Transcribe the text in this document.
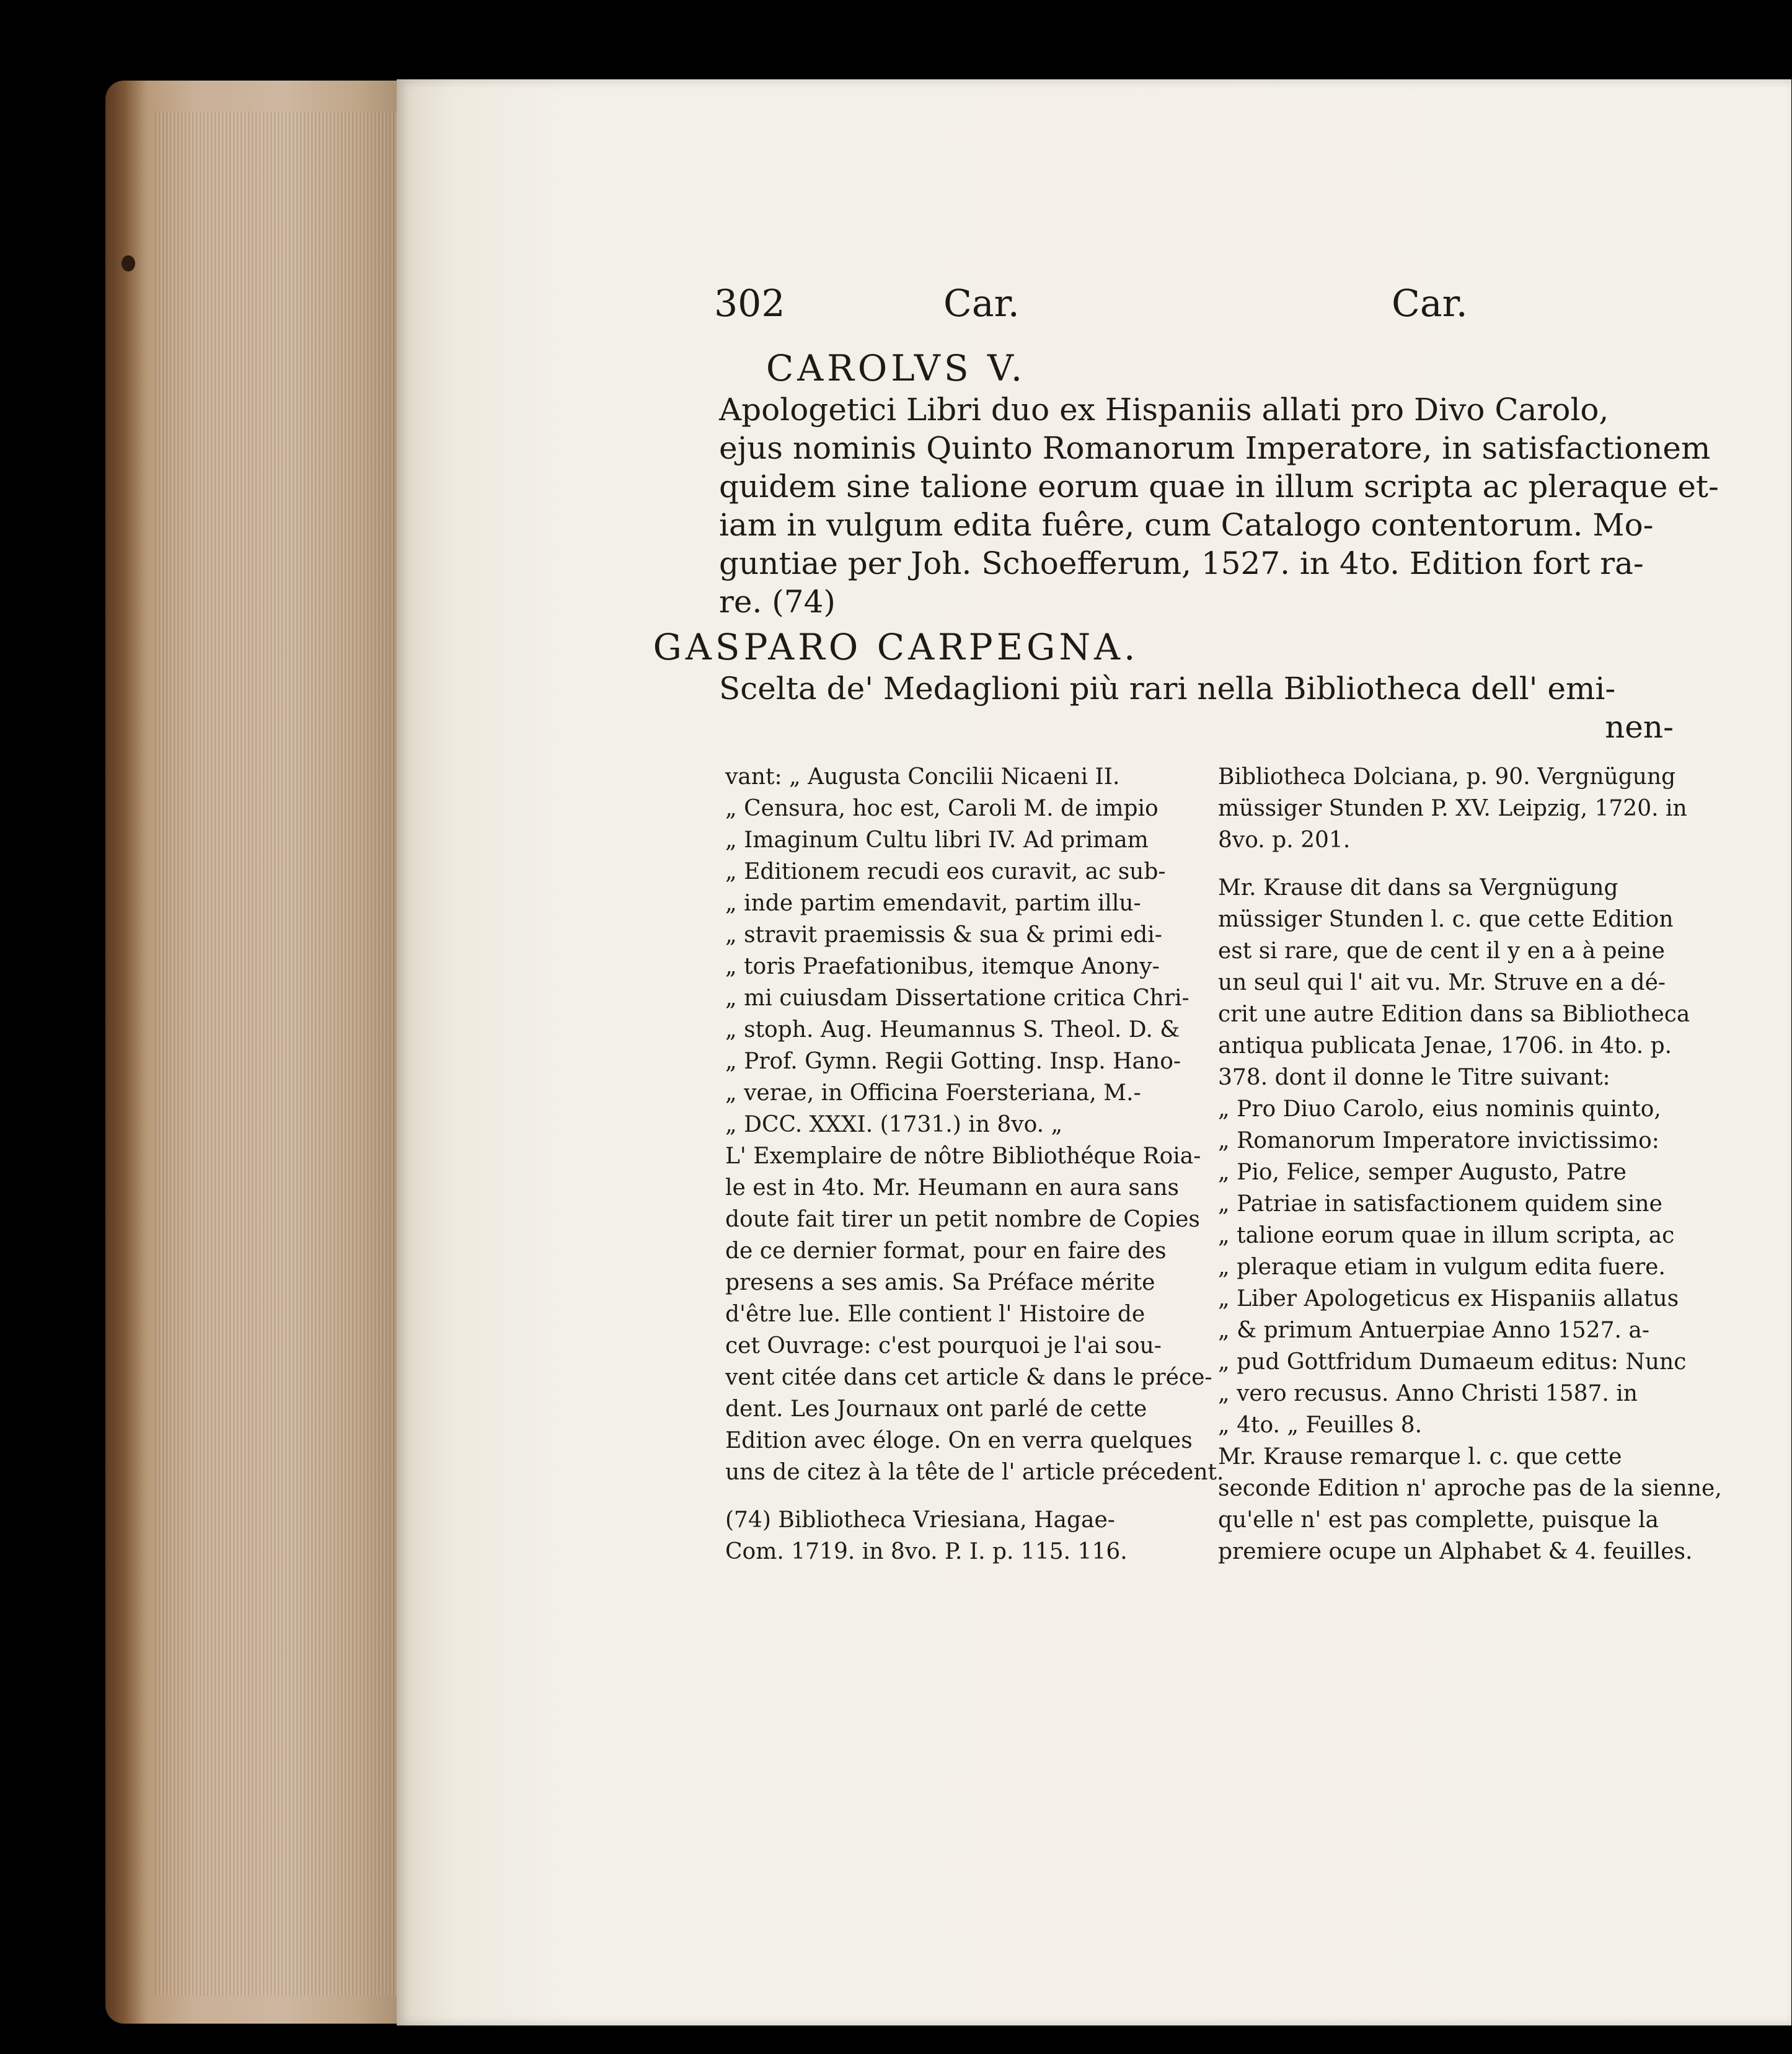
302	Car.	Car.
CAROLVS V.
Apologetici Libri duo ex Hispaniis allati pro Divo Carolo,
ejus nominis Quinto Romanorum Imperatore, in satisfactionem
quidem sine talione eorum quae in illum scripta ac pleraque et-
iam in vulgum edita fuêre, cum Catalogo contentorum. Mo-
guntiae per Joh. Schoefferum, 1527. in 4to. Edition fort ra-
re. (74)
GASPARO CARPEGNA.
Scelta de' Medaglioni più rari nella Bibliotheca dell' emi-
nen-
vant: „ Augusta Concilii Nicaeni II.
„ Censura, hoc est, Caroli M. de impio
„ Imaginum Cultu libri IV. Ad primam
„ Editionem recudi eos curavit, ac sub-
„ inde partim emendavit, partim illu-
„ stravit praemissis & sua & primi edi-
„ toris Praefationibus, itemque Anony-
„ mi cuiusdam Dissertatione critica Chri-
„ stoph. Aug. Heumannus S. Theol. D. &
„ Prof. Gymn. Regii Gotting. Insp. Hano-
„ verae, in Officina Foersteriana, M.-
„ DCC. XXXI. (1731.) in 8vo. „
L' Exemplaire de nôtre Bibliothéque Roia-
le est in 4to. Mr. Heumann en aura sans
doute fait tirer un petit nombre de Copies
de ce dernier format, pour en faire des
presens a ses amis. Sa Préface mérite
d'être lue. Elle contient l' Histoire de
cet Ouvrage: c'est pourquoi je l'ai sou-
vent citée dans cet article & dans le préce-
dent. Les Journaux ont parlé de cette
Edition avec éloge. On en verra quelques
uns de citez à la tête de l' article précedent.
(74) Bibliotheca Vriesiana, Hagae-
Com. 1719. in 8vo. P. I. p. 115. 116.
Bibliotheca Dolciana, p. 90. Vergnügung
müssiger Stunden P. XV. Leipzig, 1720. in
8vo. p. 201.
Mr. Krause dit dans sa Vergnügung
müssiger Stunden l. c. que cette Edition
est si rare, que de cent il y en a à peine
un seul qui l' ait vu. Mr. Struve en a dé-
crit une autre Edition dans sa Bibliotheca
antiqua publicata Jenae, 1706. in 4to. p.
378. dont il donne le Titre suivant:
„ Pro Diuo Carolo, eius nominis quinto,
„ Romanorum Imperatore invictissimo:
„ Pio, Felice, semper Augusto, Patre
„ Patriae in satisfactionem quidem sine
„ talione eorum quae in illum scripta, ac
„ pleraque etiam in vulgum edita fuere.
„ Liber Apologeticus ex Hispaniis allatus
„ & primum Antuerpiae Anno 1527. a-
„ pud Gottfridum Dumaeum editus: Nunc
„ vero recusus. Anno Christi 1587. in
„ 4to. „ Feuilles 8.
Mr. Krause remarque l. c. que cette
seconde Edition n' aproche pas de la sienne,
qu'elle n' est pas complette, puisque la
premiere ocupe un Alphabet & 4. feuilles.
